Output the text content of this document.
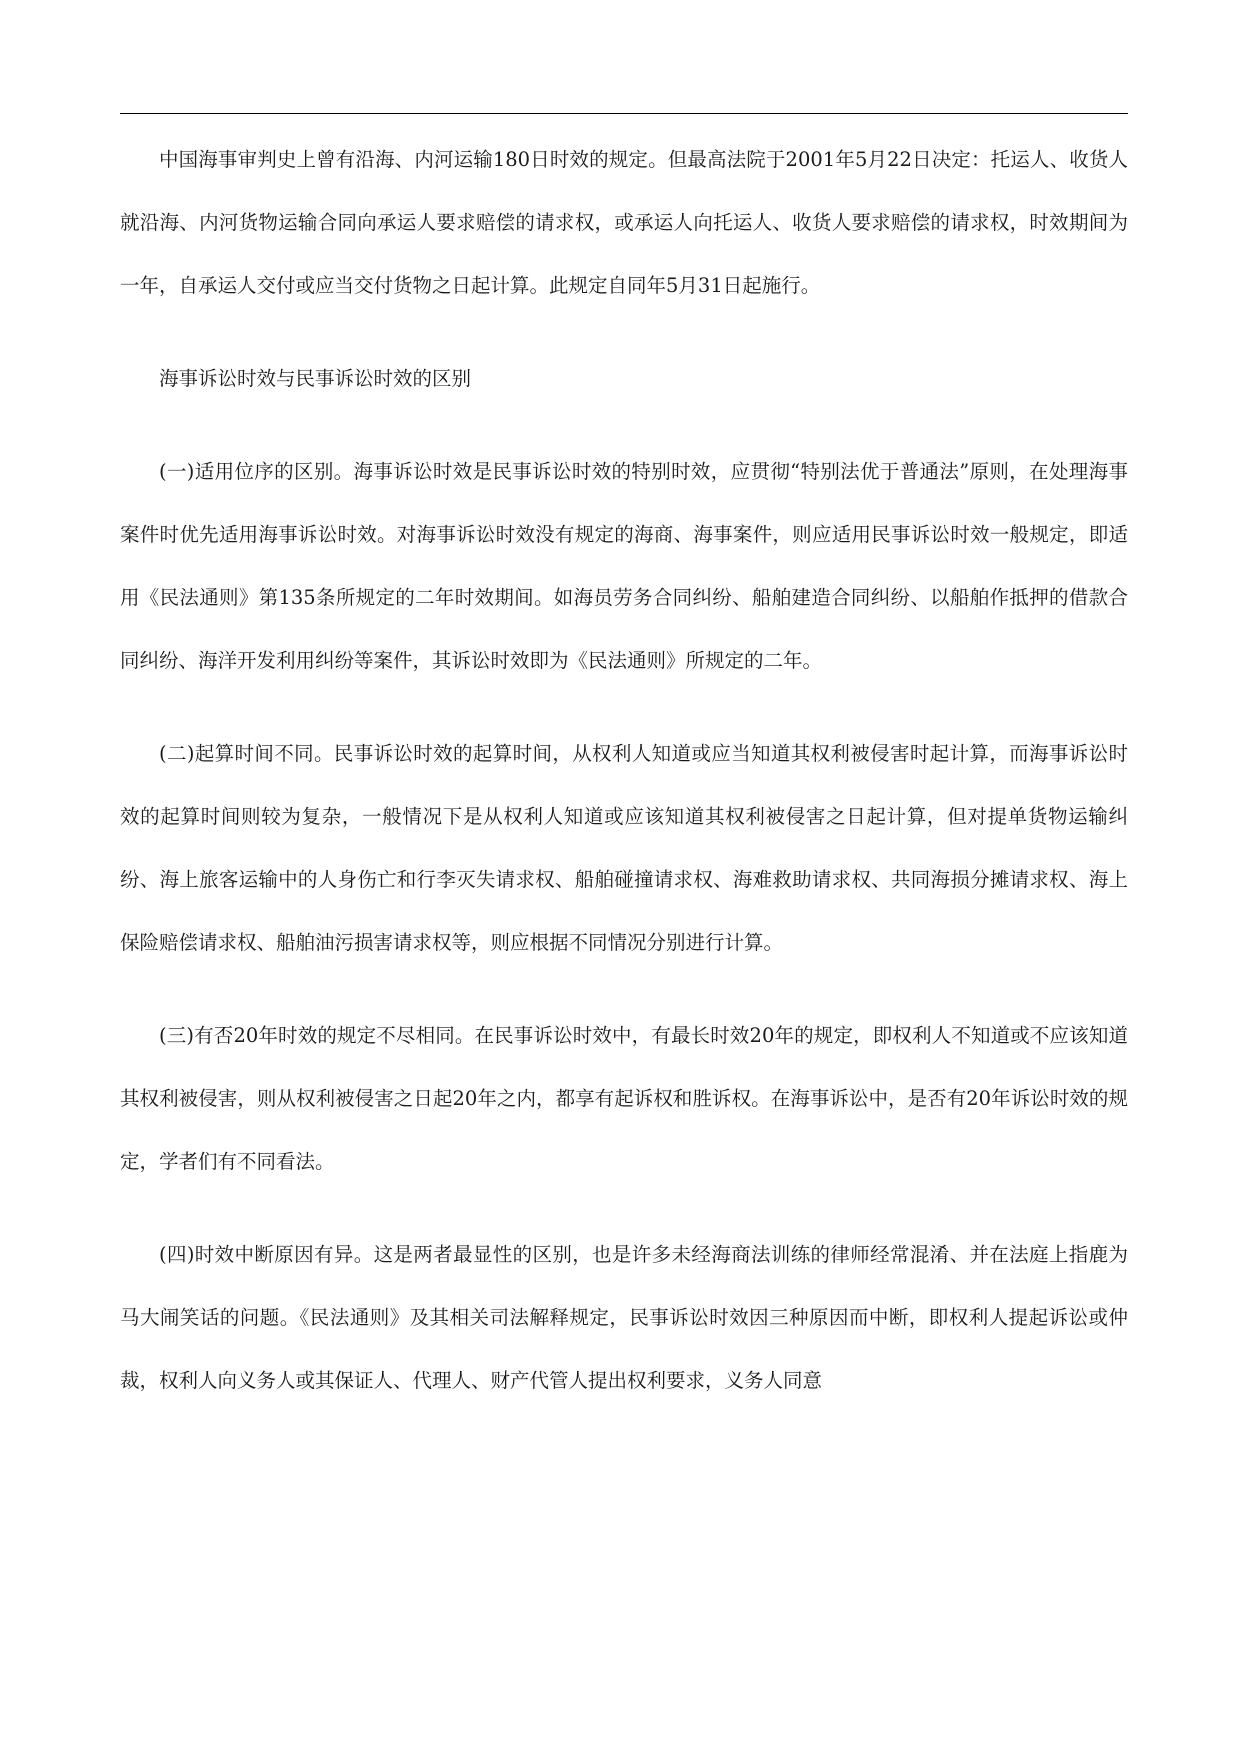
中国海事审判史上曾有沿海、内河运输180日时效的规定。但最高法院于2001年5月22日决定：托运人、收货人就沿海、内河货物运输合同向承运人要求赔偿的请求权，或承运人向托运人、收货人要求赔偿的请求权，时效期间为一年，自承运人交付或应当交付货物之日起计算。此规定自同年5月31日起施行。

海事诉讼时效与民事诉讼时效的区别

(一)适用位序的区别。海事诉讼时效是民事诉讼时效的特别时效，应贯彻“特别法优于普通法”原则，在处理海事案件时优先适用海事诉讼时效。对海事诉讼时效没有规定的海商、海事案件，则应适用民事诉讼时效一般规定，即适用《民法通则》第135条所规定的二年时效期间。如海员劳务合同纠纷、船舶建造合同纠纷、以船舶作抵押的借款合同纠纷、海洋开发利用纠纷等案件，其诉讼时效即为《民法通则》所规定的二年。

(二)起算时间不同。民事诉讼时效的起算时间，从权利人知道或应当知道其权利被侵害时起计算，而海事诉讼时效的起算时间则较为复杂，一般情况下是从权利人知道或应该知道其权利被侵害之日起计算，但对提单货物运输纠纷、海上旅客运输中的人身伤亡和行李灭失请求权、船舶碰撞请求权、海难救助请求权、共同海损分摊请求权、海上保险赔偿请求权、船舶油污损害请求权等，则应根据不同情况分别进行计算。

(三)有否20年时效的规定不尽相同。在民事诉讼时效中，有最长时效20年的规定，即权利人不知道或不应该知道其权利被侵害，则从权利被侵害之日起20年之内，都享有起诉权和胜诉权。在海事诉讼中，是否有20年诉讼时效的规定，学者们有不同看法。

(四)时效中断原因有异。这是两者最显性的区别，也是许多未经海商法训练的律师经常混淆、并在法庭上指鹿为马大闹笑话的问题。《民法通则》及其相关司法解释规定，民事诉讼时效因三种原因而中断，即权利人提起诉讼或仲裁，权利人向义务人或其保证人、代理人、财产代管人提出权利要求，义务人同意
